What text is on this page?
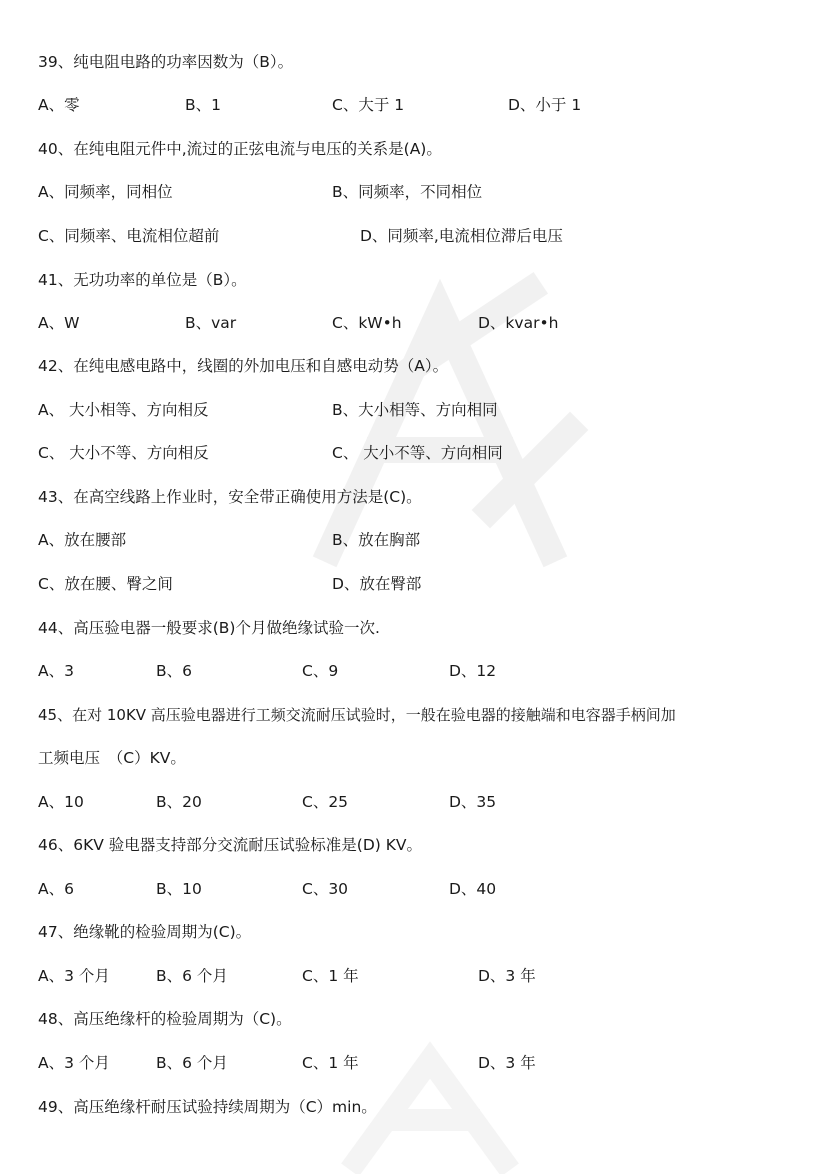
39、纯电阻电路的功率因数为（B）。
A、零	B、1	C、大于 1	D、小于 1
40、在纯电阻元件中,流过的正弦电流与电压的关系是(A)。
A、同频率，同相位	B、同频率，不同相位
C、同频率、电流相位超前	D、同频率,电流相位滞后电压
41、无功功率的单位是（B）。
A、W	B、var	C、kW•h	D、kvar•h
42、在纯电感电路中，线圈的外加电压和自感电动势（A）。
A、 大小相等、方向相反	B、大小相等、方向相同
C、 大小不等、方向相反	C、 大小不等、方向相同
43、在高空线路上作业时，安全带正确使用方法是(C)。
A、放在腰部	B、放在胸部
C、放在腰、臀之间	D、放在臀部
44、高压验电器一般要求(B)个月做绝缘试验一次.
A、3	B、6	C、9	D、12
45、在对 10KV 高压验电器进行工频交流耐压试验时，一般在验电器的接触端和电容器手柄间加
工频电压　（C）KV。
A、10	B、20	C、25	D、35
46、6KV 验电器支持部分交流耐压试验标准是(D) KV。
A、6	B、10	C、30	D、40
47、绝缘靴的检验周期为(C)。
A、3 个月	B、6 个月	C、1 年	D、3 年
48、高压绝缘杆的检验周期为（C)。
A、3 个月	B、6 个月	C、1 年	D、3 年
49、高压绝缘杆耐压试验持续周期为（C）min。
